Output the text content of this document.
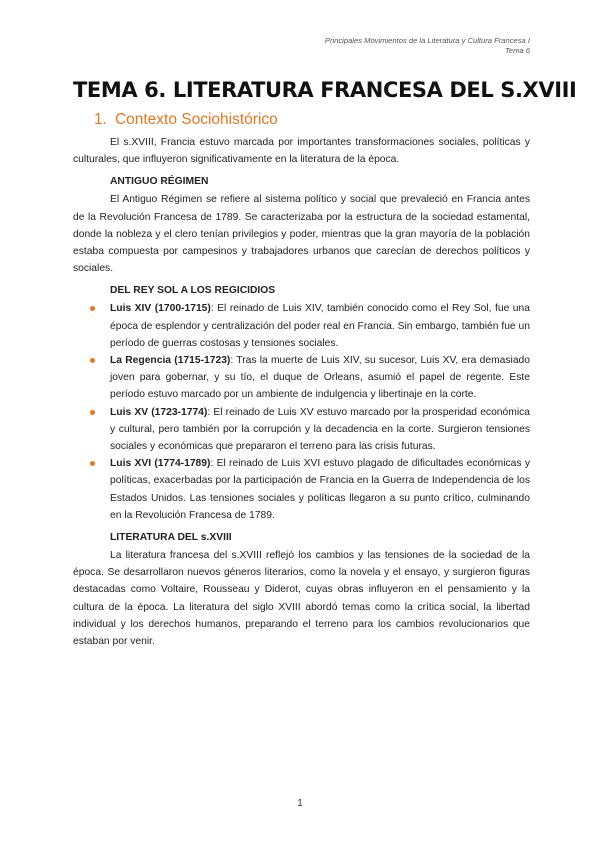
Principales Movimientos de la Literatura y Cultura Francesa I
Tema 6
TEMA 6. LITERATURA FRANCESA DEL S.XVIII
1. Contexto Sociohistórico

El s.XVIII, Francia estuvo marcada por importantes transformaciones sociales, políticas y culturales, que influyeron significativamente en la literatura de la época.

ANTIGUO RÉGIMEN

El Antiguo Régimen se refiere al sistema político y social que prevaleció en Francia antes de la Revolución Francesa de 1789. Se caracterizaba por la estructura de la sociedad estamental, donde la nobleza y el clero tenían privilegios y poder, mientras que la gran mayoría de la población estaba compuesta por campesinos y trabajadores urbanos que carecían de derechos políticos y sociales.

DEL REY SOL A LOS REGICIDIOS
Luis XIV (1700-1715): El reinado de Luis XIV, también conocido como el Rey Sol, fue una época de esplendor y centralización del poder real en Francia. Sin embargo, también fue un período de guerras costosas y tensiones sociales.
La Regencia (1715-1723): Tras la muerte de Luis XIV, su sucesor, Luis XV, era demasiado joven para gobernar, y su tío, el duque de Orleans, asumió el papel de regente. Este período estuvo marcado por un ambiente de indulgencia y libertinaje en la corte.
Luis XV (1723-1774): El reinado de Luis XV estuvo marcado por la prosperidad económica y cultural, pero también por la corrupción y la decadencia en la corte. Surgieron tensiones sociales y económicas que prepararon el terreno para las crisis futuras.
Luis XVI (1774-1789): El reinado de Luis XVI estuvo plagado de dificultades económicas y políticas, exacerbadas por la participación de Francia en la Guerra de Independencia de los Estados Unidos. Las tensiones sociales y políticas llegaron a su punto crítico, culminando en la Revolución Francesa de 1789.
LITERATURA DEL s.XVIII

La literatura francesa del s.XVIII reflejó los cambios y las tensiones de la sociedad de la época. Se desarrollaron nuevos géneros literarios, como la novela y el ensayo, y surgieron figuras destacadas como Voltaire, Rousseau y Diderot, cuyas obras influyeron en el pensamiento y la cultura de la época. La literatura del siglo XVIII abordó temas como la crítica social, la libertad individual y los derechos humanos, preparando el terreno para los cambios revolucionarios que estaban por venir.

1
